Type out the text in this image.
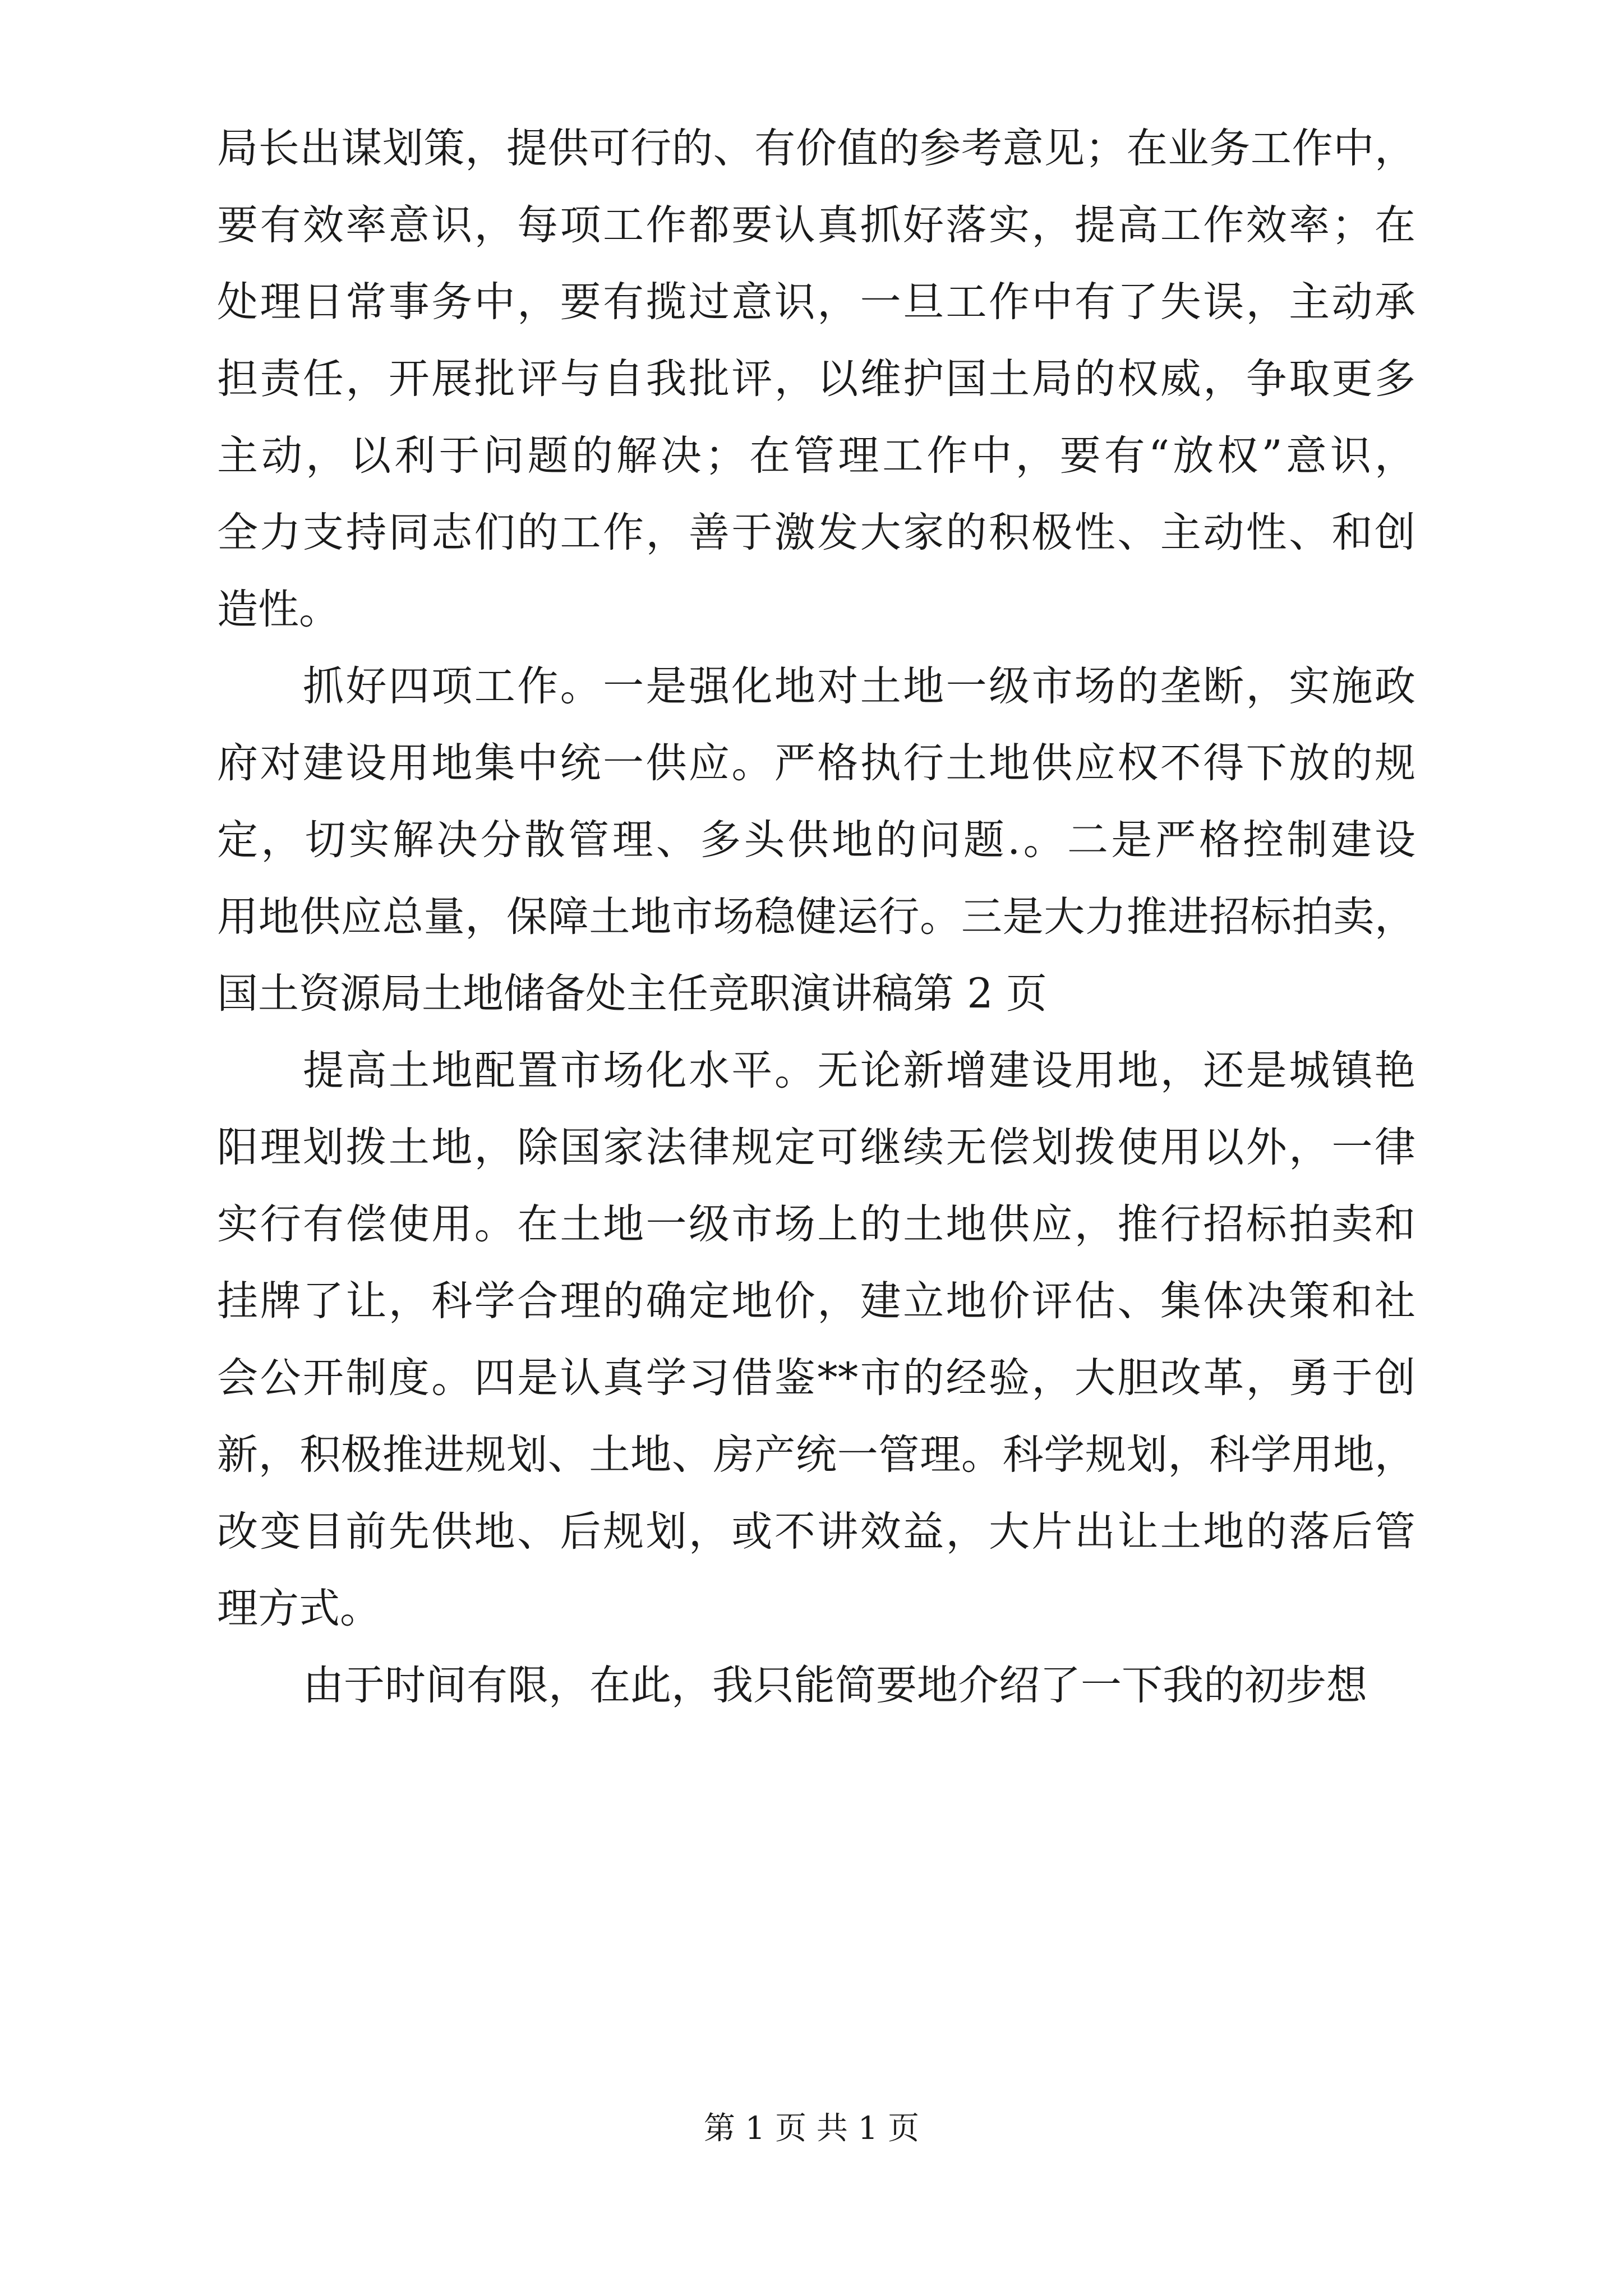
局长出谋划策，提供可行的、有价值的参考意见；在业务工作中，
要有效率意识，每项工作都要认真抓好落实，提高工作效率；在
处理日常事务中，要有揽过意识，一旦工作中有了失误，主动承
担责任，开展批评与自我批评，以维护国土局的权威，争取更多
主动，以利于问题的解决；在管理工作中，要有“放权”意识，
全力支持同志们的工作，善于激发大家的积极性、主动性、和创
造性。
抓好四项工作。一是强化地对土地一级市场的垄断，实施政
府对建设用地集中统一供应。严格执行土地供应权不得下放的规
定，切实解决分散管理、多头供地的问题.。二是严格控制建设
用地供应总量，保障土地市场稳健运行。三是大力推进招标拍卖，
国土资源局土地储备处主任竞职演讲稿第 2 页
提高土地配置市场化水平。无论新增建设用地，还是城镇艳
阳理划拨土地，除国家法律规定可继续无偿划拨使用以外，一律
实行有偿使用。在土地一级市场上的土地供应，推行招标拍卖和
挂牌了让，科学合理的确定地价，建立地价评估、集体决策和社
会公开制度。四是认真学习借鉴**市的经验，大胆改革，勇于创
新，积极推进规划、土地、房产统一管理。科学规划，科学用地，
改变目前先供地、后规划，或不讲效益，大片出让土地的落后管
理方式。
由于时间有限，在此，我只能简要地介绍了一下我的初步想
第 1 页 共 1 页
